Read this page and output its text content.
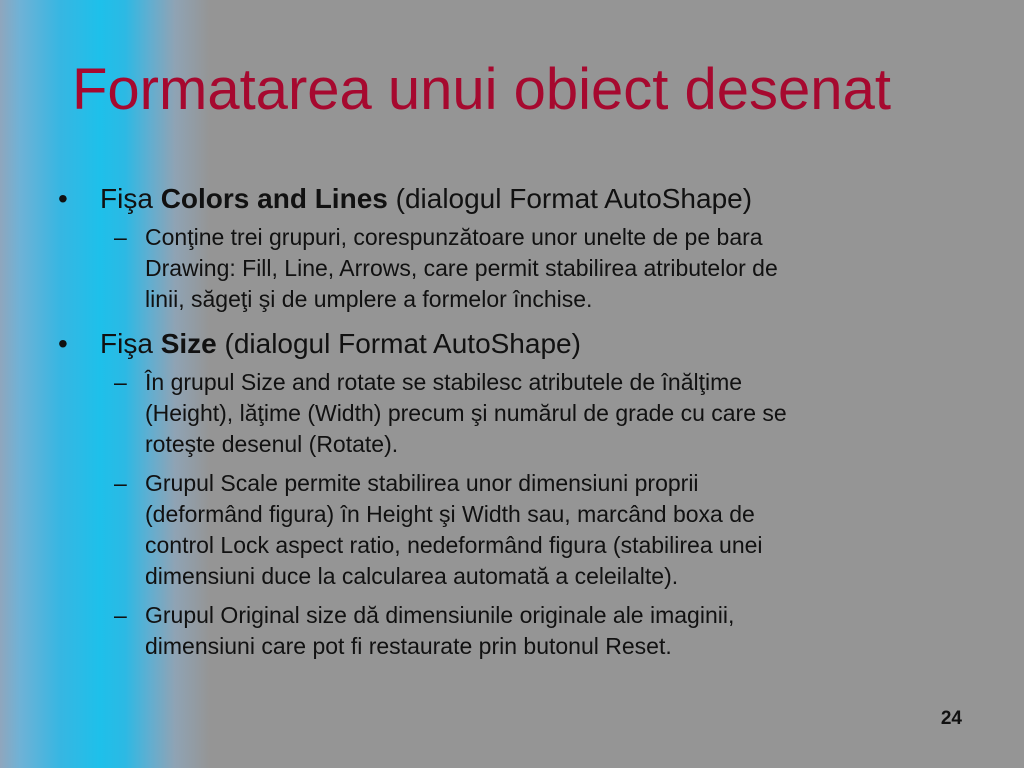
Formatarea unui obiect desenat
•	Fişa Colors and Lines (dialogul Format AutoShape)
– Conţine trei grupuri, corespunzătoare unor unelte de pe bara
Drawing: Fill, Line, Arrows, care permit stabilirea atributelor de
linii, săgeţi şi de umplere a formelor închise.
•	Fişa Size (dialogul Format AutoShape)
– În grupul Size and rotate se stabilesc atributele de înălţime
(Height), lăţime (Width) precum şi numărul de grade cu care se
roteşte desenul (Rotate).
– Grupul Scale permite stabilirea unor dimensiuni proprii
(deformând figura) în Height şi Width sau, marcând boxa de
control Lock aspect ratio, nedeformând figura (stabilirea unei
dimensiuni duce la calcularea automată a celeilalte).
– Grupul Original size dă dimensiunile originale ale imaginii,
dimensiuni care pot fi restaurate prin butonul Reset.
24
